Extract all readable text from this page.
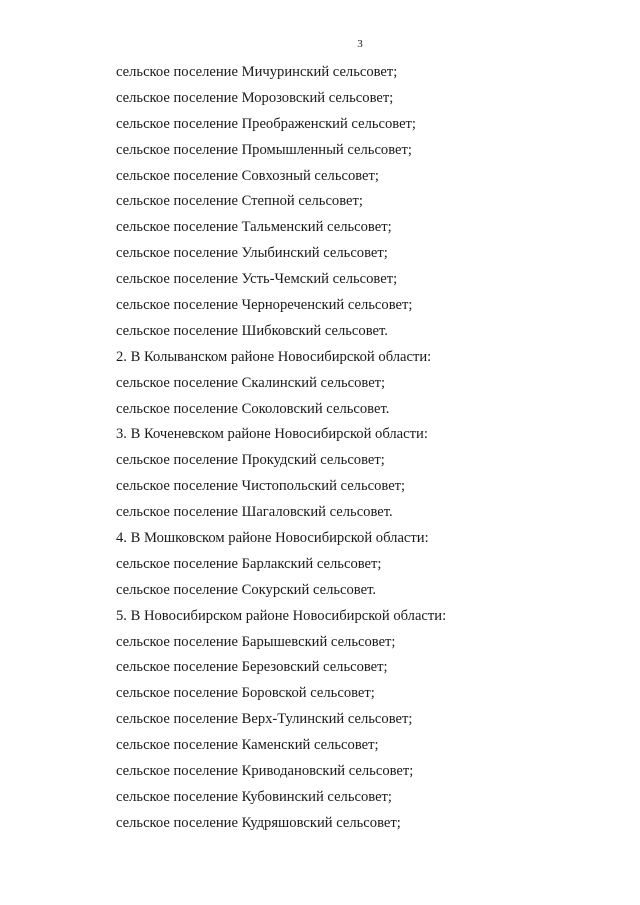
3
сельское поселение Мичуринский сельсовет;
сельское поселение Морозовский сельсовет;
сельское поселение Преображенский сельсовет;
сельское поселение Промышленный сельсовет;
сельское поселение Совхозный сельсовет;
сельское поселение Степной сельсовет;
сельское поселение Тальменский сельсовет;
сельское поселение Улыбинский сельсовет;
сельское поселение Усть-Чемский сельсовет;
сельское поселение Чернореченский сельсовет;
сельское поселение Шибковский сельсовет.
2. В Колыванском районе Новосибирской области:
сельское поселение Скалинский сельсовет;
сельское поселение Соколовский сельсовет.
3. В Коченевском районе Новосибирской области:
сельское поселение Прокудский сельсовет;
сельское поселение Чистопольский сельсовет;
сельское поселение Шагаловский сельсовет.
4. В Мошковском районе Новосибирской области:
сельское поселение Барлакский сельсовет;
сельское поселение Сокурский сельсовет.
5. В Новосибирском районе Новосибирской области:
сельское поселение Барышевский сельсовет;
сельское поселение Березовский сельсовет;
сельское поселение Боровской сельсовет;
сельское поселение Верх-Тулинский сельсовет;
сельское поселение Каменский сельсовет;
сельское поселение Криводановский сельсовет;
сельское поселение Кубовинский сельсовет;
сельское поселение Кудряшовский сельсовет;
